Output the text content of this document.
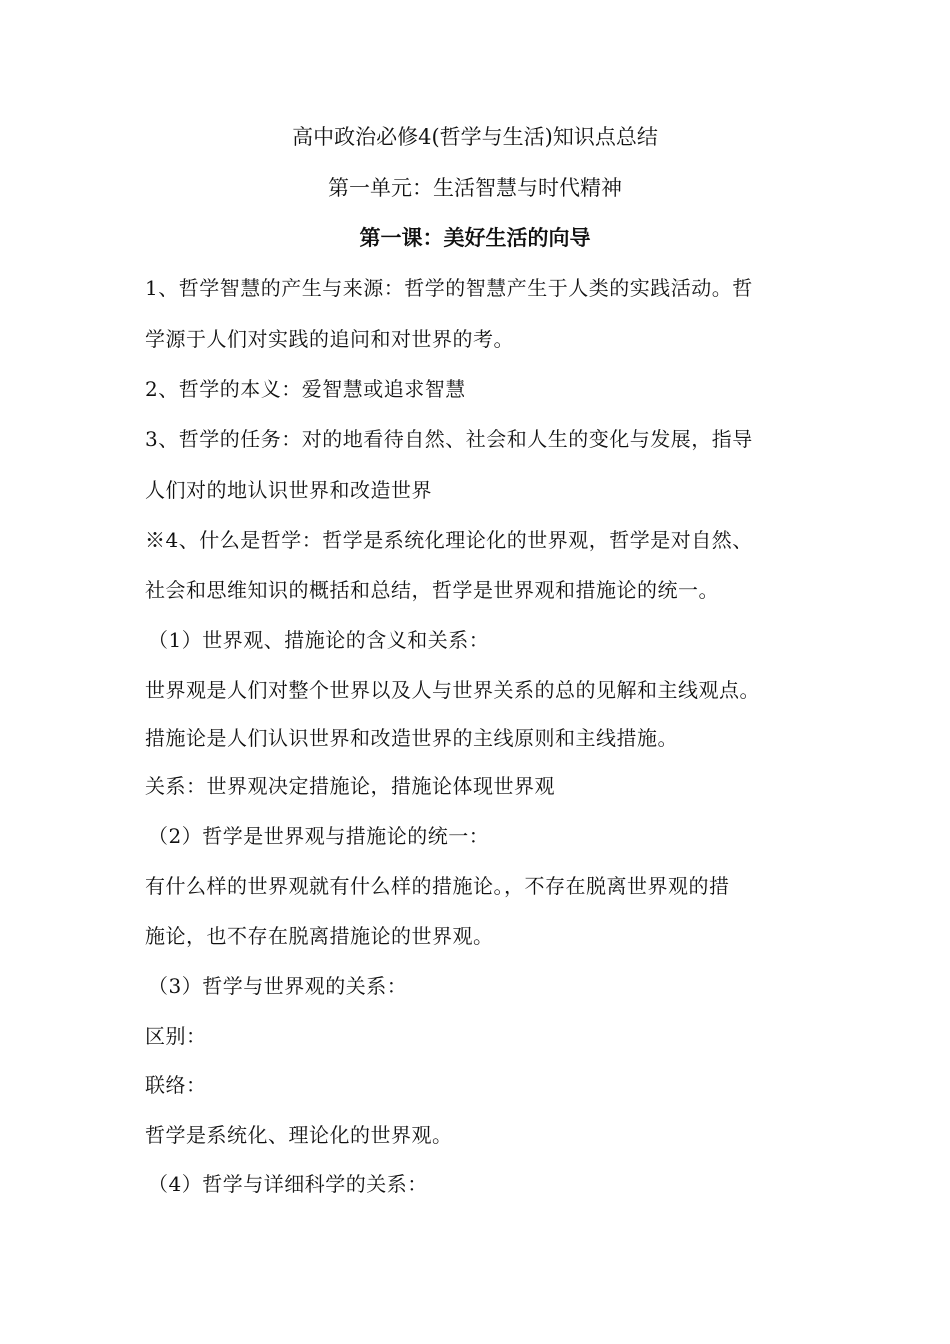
高中政治必修4(哲学与生活)知识点总结
第一单元：生活智慧与时代精神
第一课：美好生活的向导
1、哲学智慧的产生与来源：哲学的智慧产生于人类的实践活动。哲
学源于人们对实践的追问和对世界的考。
2、哲学的本义：爱智慧或追求智慧
3、哲学的任务：对的地看待自然、社会和人生的变化与发展，指导
人们对的地认识世界和改造世界
※4、什么是哲学：哲学是系统化理论化的世界观，哲学是对自然、
社会和思维知识的概括和总结，哲学是世界观和措施论的统一。
（1）世界观、措施论的含义和关系：
世界观是人们对整个世界以及人与世界关系的总的见解和主线观点。
措施论是人们认识世界和改造世界的主线原则和主线措施。
关系：世界观决定措施论，措施论体现世界观
（2）哲学是世界观与措施论的统一：
有什么样的世界观就有什么样的措施论。，不存在脱离世界观的措
施论，也不存在脱离措施论的世界观。
（3）哲学与世界观的关系：
区别：
联络：
哲学是系统化、理论化的世界观。
（4）哲学与详细科学的关系：
